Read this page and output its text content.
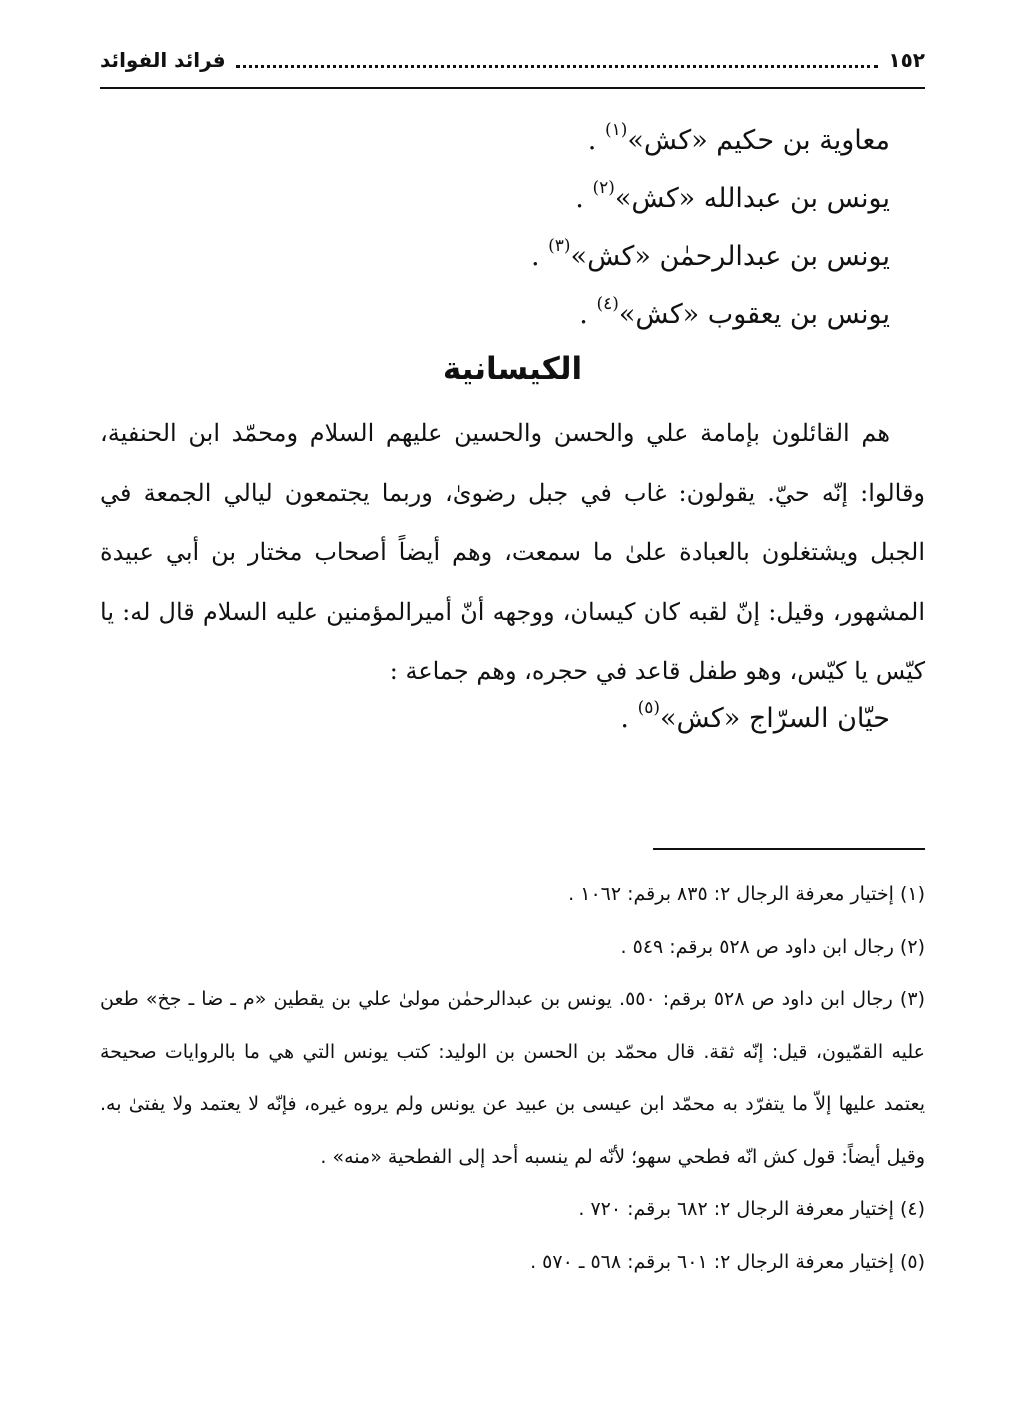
١٥٢
فرائد الفوائد
معاوية بن حكيم «كش»$^{(١)}$ .
يونس بن عبدالله «كش»$^{(٢)}$ .
يونس بن عبدالرحمٰن «كش»$^{(٣)}$ .
يونس بن يعقوب «كش»$^{(٤)}$ .
الكيسانية

هم القائلون بإمامة علي والحسن والحسين عليهم السلام ومحمّد ابن الحنفية، وقالوا: إنّه حيّ. يقولون: غاب في جبل رضوىٰ، وربما يجتمعون ليالي الجمعة في الجبل ويشتغلون بالعبادة علىٰ ما سمعت، وهم أيضاً أصحاب مختار بن أبي عبيدة المشهور، وقيل: إنّ لقبه كان كيسان، ووجهه أنّ أميرالمؤمنين عليه السلام قال له: يا كيّس يا كيّس، وهو طفل قاعد في حجره، وهم جماعة :

حيّان السرّاج «كش»$^{(٥)}$ .

(١) إختيار معرفة الرجال ٢: ٨٣٥ برقم: ١٠٦٢ .
(٢) رجال ابن داود ص ٥٢٨ برقم: ٥٤٩ .
(٣) رجال ابن داود ص ٥٢٨ برقم: ٥٥٠. يونس بن عبدالرحمٰن مولىٰ علي بن يقطين «م ـ ضا ـ جخ» طعن عليه القمّيون، قيل: إنّه ثقة. قال محمّد بن الحسن بن الوليد: كتب يونس التي هي ما بالروايات صحيحة يعتمد عليها إلاّ ما يتفرّد به محمّد ابن عيسى بن عبيد عن يونس ولم يروه غيره، فإنّه لا يعتمد ولا يفتىٰ به. وقيل أيضاً: قول كش انّه فطحي سهو؛ لأنّه لم ينسبه أحد إلى الفطحية «منه» .
(٤) إختيار معرفة الرجال ٢: ٦٨٢ برقم: ٧٢٠ .
(٥) إختيار معرفة الرجال ٢: ٦٠١ برقم: ٥٦٨ ـ ٥٧٠ .
